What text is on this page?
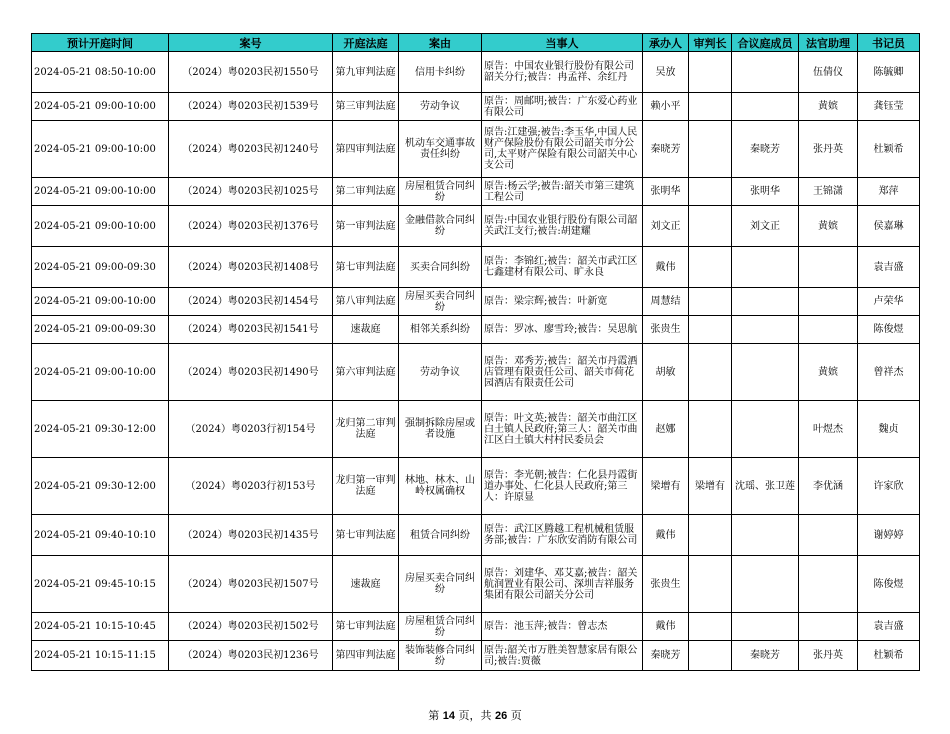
预计开庭时间	案号	开庭法庭	案由	当事人	承办人	审判长	合议庭成员	法官助理	书记员
2024-05-21 08:50-10:00	（2024）粤0203民初1550号	第九审判法庭	信用卡纠纷	原告：中国农业银行股份有限公司韶关分行;被告：冉孟祥、余红丹	吴放			伍倩仪	陈毓卿
2024-05-21 09:00-10:00	（2024）粤0203民初1539号	第三审判法庭	劳动争议	原告：周邮明;被告：广东爱心药业有限公司	赖小平			黄嫔	龚钰莹
2024-05-21 09:00-10:00	（2024）粤0203民初1240号	第四审判法庭	机动车交通事故责任纠纷	原告:江建强;被告:李玉华,中国人民财产保险股份有限公司韶关市分公司,太平财产保险有限公司韶关中心支公司	秦晓芳		秦晓芳	张丹英	杜颖希
2024-05-21 09:00-10:00	（2024）粤0203民初1025号	第二审判法庭	房屋租赁合同纠纷	原告:杨云学;被告:韶关市第三建筑工程公司	张明华		张明华	王锦潇	郑萍
2024-05-21 09:00-10:00	（2024）粤0203民初1376号	第一审判法庭	金融借款合同纠纷	原告:中国农业银行股份有限公司韶关武江支行;被告:胡建耀	刘文正		刘文正	黄嫔	侯嘉琳
2024-05-21 09:00-09:30	（2024）粤0203民初1408号	第七审判法庭	买卖合同纠纷	原告：李锦红;被告：韶关市武江区七鑫建材有限公司、旷永良	戴伟				袁吉盛
2024-05-21 09:00-10:00	（2024）粤0203民初1454号	第八审判法庭	房屋买卖合同纠纷	原告：梁宗辉;被告：叶新宽	周慧结				卢荣华
2024-05-21 09:00-09:30	（2024）粤0203民初1541号	速裁庭	相邻关系纠纷	原告：罗冰、廖雪玲;被告：吴思航	张贵生				陈俊煜
2024-05-21 09:00-10:00	（2024）粤0203民初1490号	第六审判法庭	劳动争议	原告：邓秀芳;被告：韶关市丹霞酒店管理有限责任公司、韶关市荷花园酒店有限责任公司	胡敏			黄嫔	曾祥杰
2024-05-21 09:30-12:00	（2024）粤0203行初154号	龙归第二审判法庭	强制拆除房屋或者设施	原告：叶文英;被告：韶关市曲江区白土镇人民政府;第三人：韶关市曲江区白土镇大村村民委员会	赵娜			叶煜杰	魏贞
2024-05-21 09:30-12:00	（2024）粤0203行初153号	龙归第一审判法庭	林地、林木、山岭权属确权	原告：李光朝;被告：仁化县丹霞街道办事处、仁化县人民政府;第三人：许原显	梁增有	梁增有	沈瑶、张卫莲	李优涵	许家欣
2024-05-21 09:40-10:10	（2024）粤0203民初1435号	第七审判法庭	租赁合同纠纷	原告：武江区腾越工程机械租赁服务部;被告：广东欣安消防有限公司	戴伟				谢婷婷
2024-05-21 09:45-10:15	（2024）粤0203民初1507号	速裁庭	房屋买卖合同纠纷	原告：刘建华、邓艾嘉;被告：韶关航润置业有限公司、深圳吉祥服务集团有限公司韶关分公司	张贵生				陈俊煜
2024-05-21 10:15-10:45	（2024）粤0203民初1502号	第七审判法庭	房屋租赁合同纠纷	原告：池玉萍;被告：曾志杰	戴伟				袁吉盛
2024-05-21 10:15-11:15	（2024）粤0203民初1236号	第四审判法庭	装饰装修合同纠纷	原告:韶关市万胜美智慧家居有限公司;被告:贾薇	秦晓芳		秦晓芳	张丹英	杜颖希
第 14 页，共 26 页
